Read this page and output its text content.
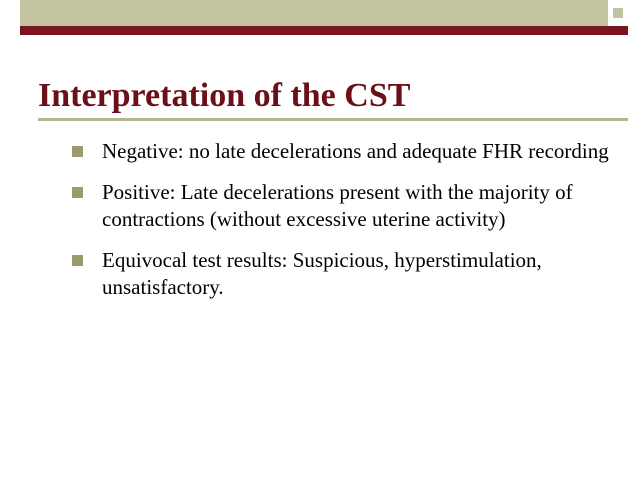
Interpretation of the CST
Negative: no late decelerations and adequate FHR recording
Positive: Late decelerations present with the majority of contractions (without excessive uterine activity)
Equivocal test results: Suspicious, hyperstimulation, unsatisfactory.
